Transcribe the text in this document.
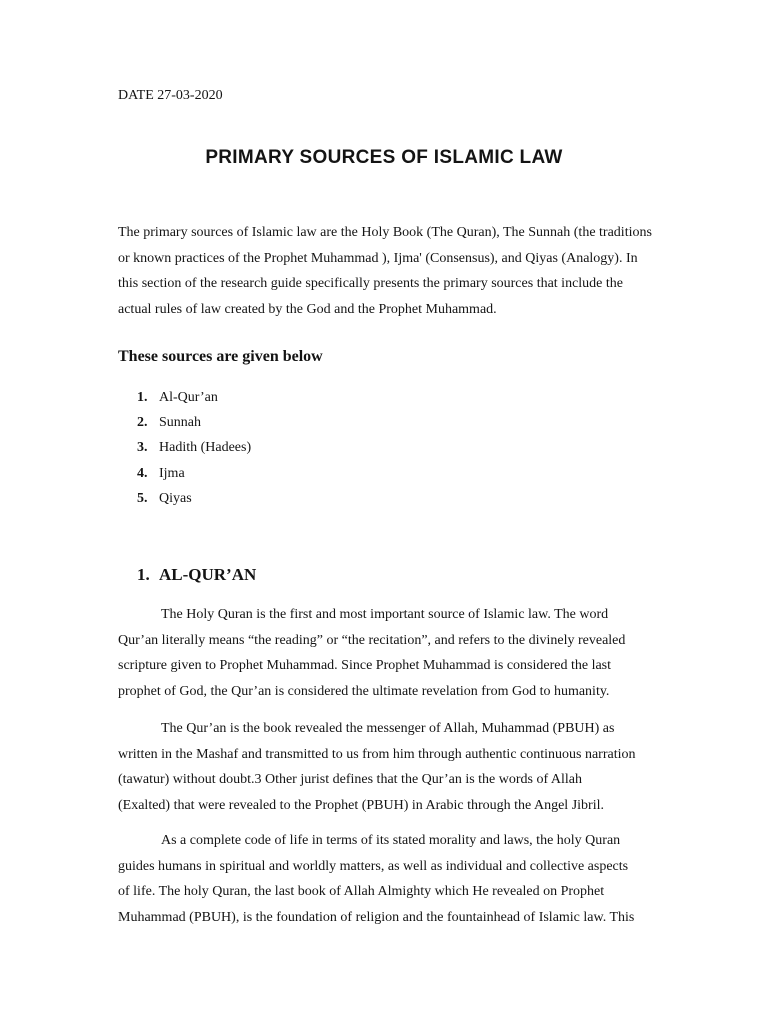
DATE 27-03-2020
PRIMARY SOURCES OF ISLAMIC LAW

The primary sources of Islamic law are the Holy Book (The Quran), The Sunnah (the traditions
or known practices of the Prophet Muhammad ), Ijma' (Consensus), and Qiyas (Analogy). In
this section of the research guide specifically presents the primary sources that include the
actual rules of law created by the God and the Prophet Muhammad.

These sources are given below
1. Al-Qur’an
2. Sunnah
3. Hadith (Hadees)
4. Ijma
5. Qiyas
1. AL-QUR’AN

The Holy Quran is the first and most important source of Islamic law. The word
Qur’an literally means “the reading” or “the recitation”, and refers to the divinely revealed
scripture given to Prophet Muhammad. Since Prophet Muhammad is considered the last
prophet of God, the Qur’an is considered the ultimate revelation from God to humanity.

The Qur’an is the book revealed the messenger of Allah, Muhammad (PBUH) as
written in the Mashaf and transmitted to us from him through authentic continuous narration
(tawatur) without doubt.3 Other jurist defines that the Qur’an is the words of Allah
(Exalted) that were revealed to the Prophet (PBUH) in Arabic through the Angel Jibril.

As a complete code of life in terms of its stated morality and laws, the holy Quran
guides humans in spiritual and worldly matters, as well as individual and collective aspects
of life. The holy Quran, the last book of Allah Almighty which He revealed on Prophet
Muhammad (PBUH), is the foundation of religion and the fountainhead of Islamic law. This
